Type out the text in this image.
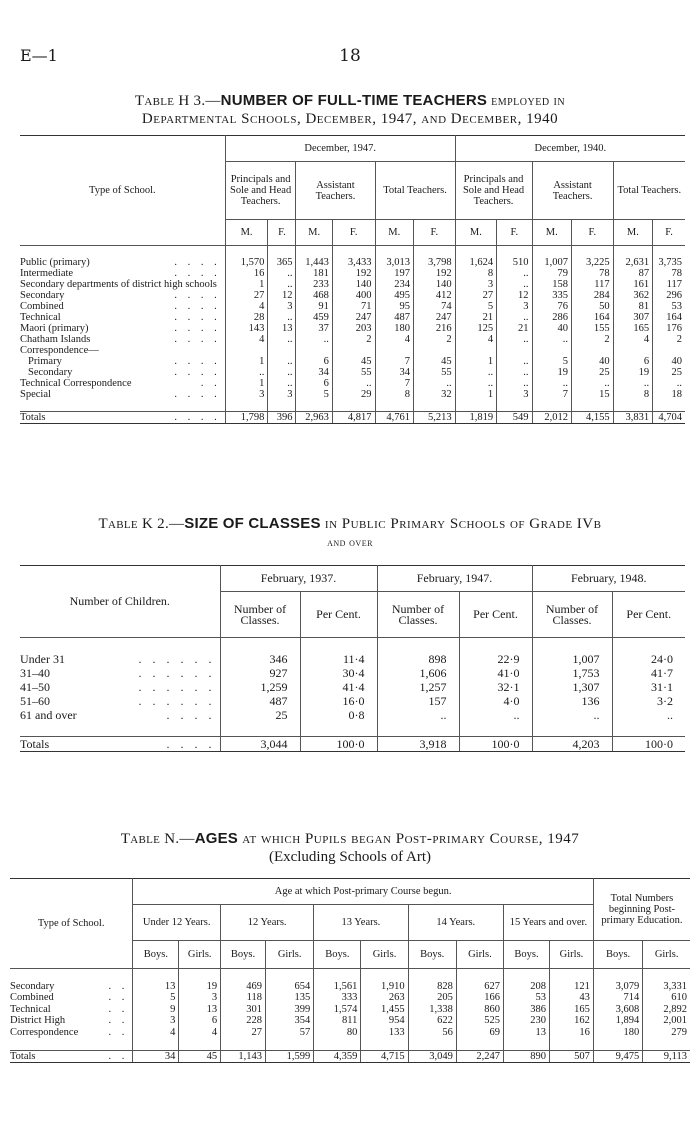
E—1	18
Table H 3.—NUMBER OF FULL-TIME TEACHERS employed in
Departmental Schools, December, 1947, and December, 1940
Type of School.	December, 1947.						December, 1940.					
	Principals and Sole and Head Teachers.		Assistant Teachers.		Total Teachers.		Principals and Sole and Head Teachers.		Assistant Teachers.		Total Teachers.	
	M.	F.	M.	F.	M.	F.	M.	F.	M.	F.	M.	F.

Public (primary) . . . .	1,570	365	1,443	3,433	3,013	3,798	1,624	510	1,007	3,225	2,631	3,735
Intermediate . . . .	16	..	181	192	197	192	8	..	79	78	87	78
Secondary departments of district high schools	1	..	233	140	234	140	3	..	158	117	161	117
Secondary . . . .	27	12	468	400	495	412	27	12	335	284	362	296
Combined . . . .	4	3	91	71	95	74	5	3	76	50	81	53
Technical . . . .	28	..	459	247	487	247	21	..	286	164	307	164
Maori (primary) . . . .	143	13	37	203	180	216	125	21	40	155	165	176
Chatham Islands . . . .	4	..	..	2	4	2	4	..	..	2	4	2
Correspondence—

Primary . . . .	1	..	6	45	7	45	1	..	5	40	6	40
Secondary . . . .	..	..	34	55	34	55	..	..	19	25	19	25
Technical Correspondence . .	1	..	6	..	7	..	..	..	..	..	..	..
Special . . . .	3	3	5	29	8	32	1	3	7	15	8	18

Totals . . . .	1,798	396	2,963	4,817	4,761	5,213	1,819	549	2,012	4,155	3,831	4,704
Table K 2.—SIZE OF CLASSES in Public Primary Schools of Grade IVb
and over
Number of Children.	February, 1937.		February, 1947.		February, 1948.	
	Number of Classes.	Per Cent.	Number of Classes.	Per Cent.	Number of Classes.	Per Cent.

Under 31 . . . . . .	346	11·4	898	22·9	1,007	24·0
31–40 . . . . . .	927	30·4	1,606	41·0	1,753	41·7
41–50 . . . . . .	1,259	41·4	1,257	32·1	1,307	31·1
51–60 . . . . . .	487	16·0	157	4·0	136	3·2
61 and over . . . .	25	0·8	..	..	..	..

Totals . . . .	3,044	100·0	3,918	100·0	4,203	100·0
Table N.—AGES at which Pupils began Post-primary Course, 1947
(Excluding Schools of Art)
Type of School.	Age at which Post-primary Course begun.										Total Numbers beginning Post-primary Education.	
	Under 12 Years.		12 Years.		13 Years.		14 Years.		15 Years and over.			
	Boys.	Girls.	Boys.	Girls.	Boys.	Girls.	Boys.	Girls.	Boys.	Girls.	Boys.	Girls.

Secondary . .	13	19	469	654	1,561	1,910	828	627	208	121	3,079	3,331
Combined . .	5	3	118	135	333	263	205	166	53	43	714	610
Technical . .	9	13	301	399	1,574	1,455	1,338	860	386	165	3,608	2,892
District High . .	3	6	228	354	811	954	622	525	230	162	1,894	2,001
Correspondence . .	4	4	27	57	80	133	56	69	13	16	180	279

Totals . .	34	45	1,143	1,599	4,359	4,715	3,049	2,247	890	507	9,475	9,113
